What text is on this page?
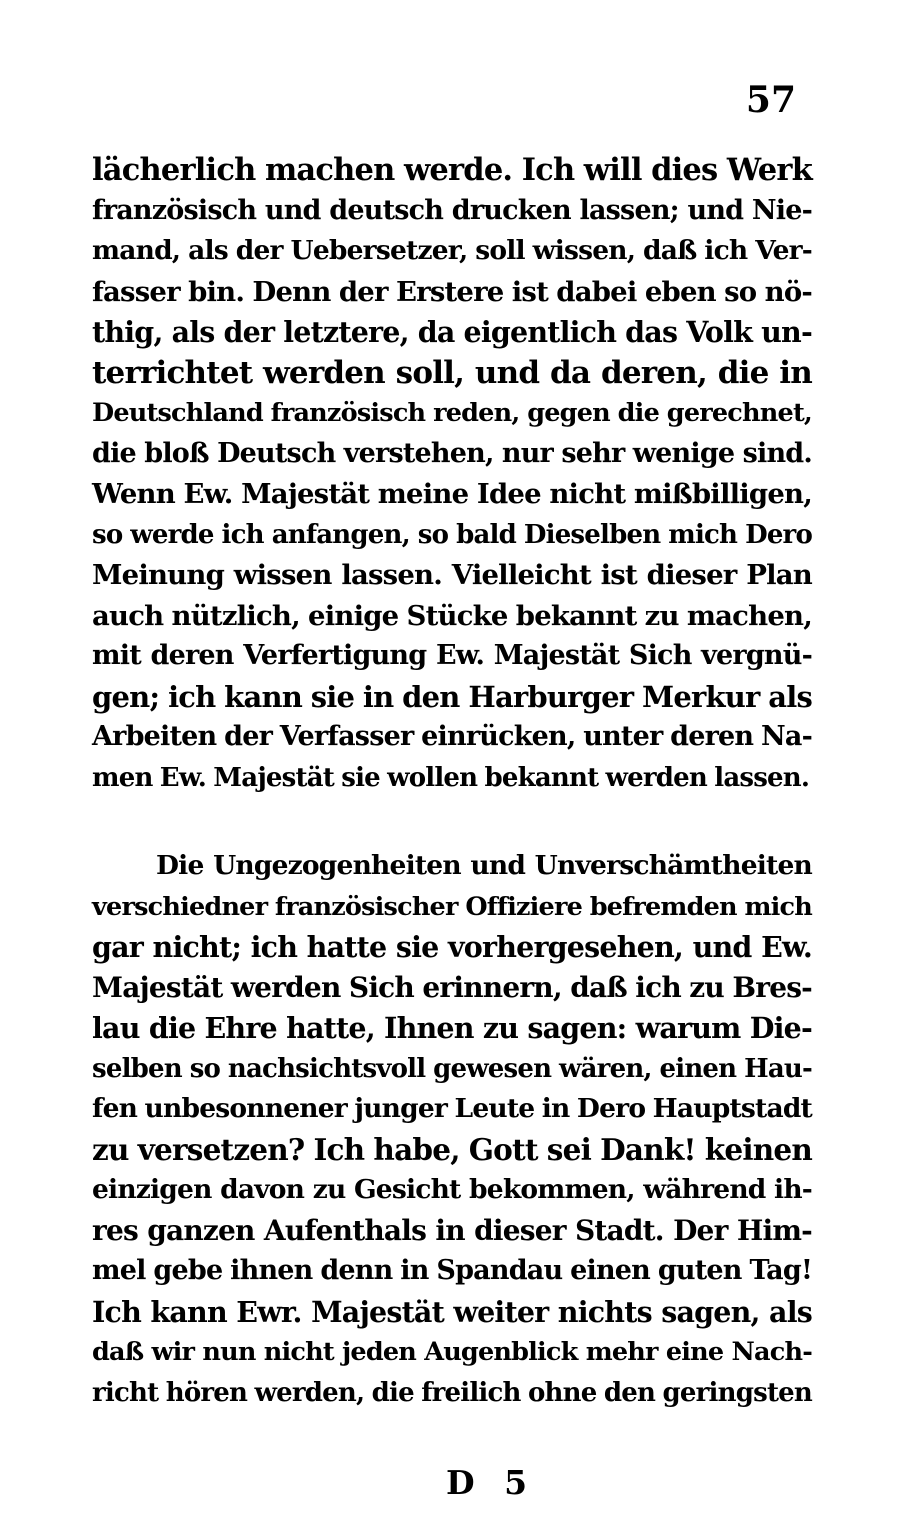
57
lächerlich machen werde. Ich will dies Werk
französisch und deutsch drucken lassen; und Nie-
mand, als der Uebersetzer, soll wissen, daß ich Ver-
fasser bin. Denn der Erstere ist dabei eben so nö-
thig, als der letztere, da eigentlich das Volk un-
terrichtet werden soll, und da deren, die in
Deutschland französisch reden, gegen die gerechnet,
die bloß Deutsch verstehen, nur sehr wenige sind.
Wenn Ew. Majestät meine Idee nicht mißbilligen,
so werde ich anfangen, so bald Dieselben mich Dero
Meinung wissen lassen. Vielleicht ist dieser Plan
auch nützlich, einige Stücke bekannt zu machen,
mit deren Verfertigung Ew. Majestät Sich vergnü-
gen; ich kann sie in den Harburger Merkur als
Arbeiten der Verfasser einrücken, unter deren Na-
men Ew. Majestät sie wollen bekannt werden lassen.
Die Ungezogenheiten und Unverschämtheiten
verschiedner französischer Offiziere befremden mich
gar nicht; ich hatte sie vorhergesehen, und Ew.
Majestät werden Sich erinnern, daß ich zu Bres-
lau die Ehre hatte, Ihnen zu sagen: warum Die-
selben so nachsichtsvoll gewesen wären, einen Hau-
fen unbesonnener junger Leute in Dero Hauptstadt
zu versetzen? Ich habe, Gott sei Dank! keinen
einzigen davon zu Gesicht bekommen, während ih-
res ganzen Aufenthals in dieser Stadt. Der Him-
mel gebe ihnen denn in Spandau einen guten Tag!
Ich kann Ewr. Majestät weiter nichts sagen, als
daß wir nun nicht jeden Augenblick mehr eine Nach-
richt hören werden, die freilich ohne den geringsten
D 5
